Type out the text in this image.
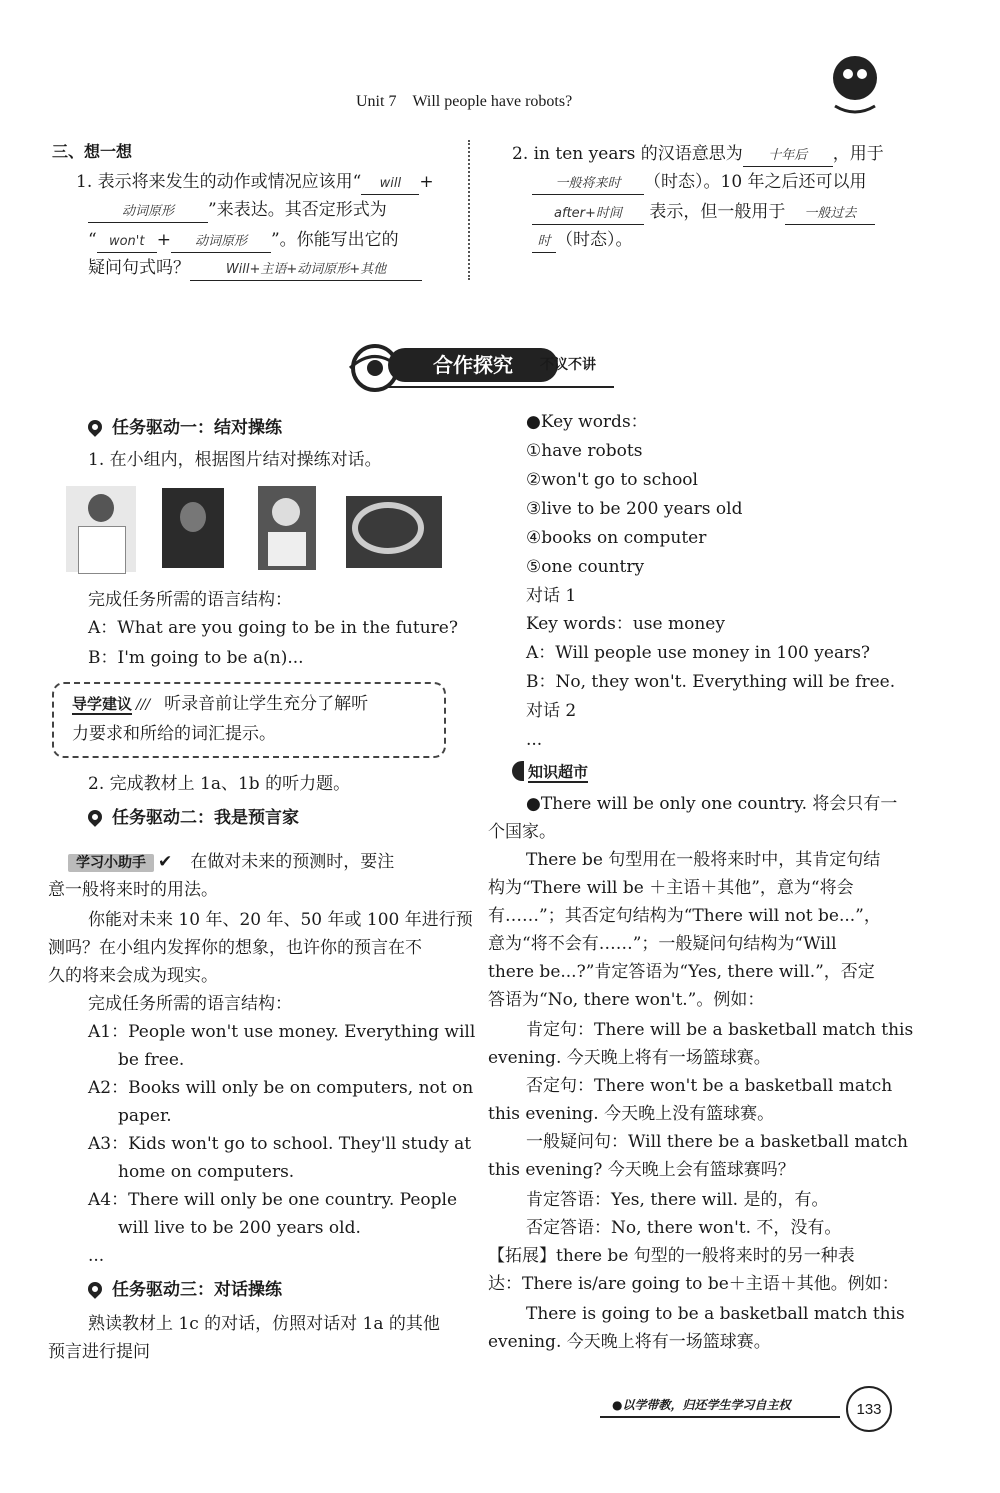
Unit 7　Will people have robots?
三、想一想
1. 表示将来发生的动作或情况应该用“ will +
动词原形 ”来表达。其否定形式为
“ won't + 动词原形 ”。你能写出它的
疑问句式吗？	Will+主语+动词原形+其他
2. in ten years 的汉语意思为 十年后 ，用于
一般将来时 （时态）。10 年之后还可以用
after+时间 表示，但一般用于 一般过去
时 （时态）。
合作探究	不议不讲
任务驱动一：结对操练
1. 在小组内，根据图片结对操练对话。
完成任务所需的语言结构：
A：What are you going to be in the future?
B：I'm going to be a(n)...
导学建议 /// 听录音前让学生充分了解听
力要求和所给的词汇提示。
2. 完成教材上 1a、1b 的听力题。
任务驱动二：我是预言家
学习小助手 ✔ 在做对未来的预测时，要注
意一般将来时的用法。
你能对未来 10 年、20 年、50 年或 100 年进行预
测吗？在小组内发挥你的想象，也许你的预言在不
久的将来会成为现实。
完成任务所需的语言结构：
A1：People won't use money. Everything will
be free.
A2：Books will only be on computers, not on
paper.
A3：Kids won't go to school. They'll study at
home on computers.
A4：There will only be one country. People
will live to be 200 years old.
...
任务驱动三：对话操练
熟读教材上 1c 的对话，仿照对话对 1a 的其他
预言进行提问
●Key words：
①have robots
②won't go to school
③live to be 200 years old
④books on computer
⑤one country
对话 1
Key words：use money
A：Will people use money in 100 years?
B：No, they won't. Everything will be free.
对话 2
...
知识超市
●There will be only one country. 将会只有一
个国家。
There be 句型用在一般将来时中，其肯定句结
构为“There will be ＋主语＋其他”，意为“将会
有……”；其否定句结构为“There will not be...”，
意为“将不会有……”；一般疑问句结构为“Will
there be...?”肯定答语为“Yes, there will.”，否定
答语为“No, there won't.”。例如：
肯定句：There will be a basketball match this
evening. 今天晚上将有一场篮球赛。
否定句：There won't be a basketball match
this evening. 今天晚上没有篮球赛。
一般疑问句：Will there be a basketball match
this evening? 今天晚上会有篮球赛吗？
肯定答语：Yes, there will. 是的，有。
否定答语：No, there won't. 不，没有。
【拓展】there be 句型的一般将来时的另一种表
达：There is/are going to be＋主语＋其他。例如：
There is going to be a basketball match this
evening. 今天晚上将有一场篮球赛。
●以学带教，归还学生学习自主权	133
